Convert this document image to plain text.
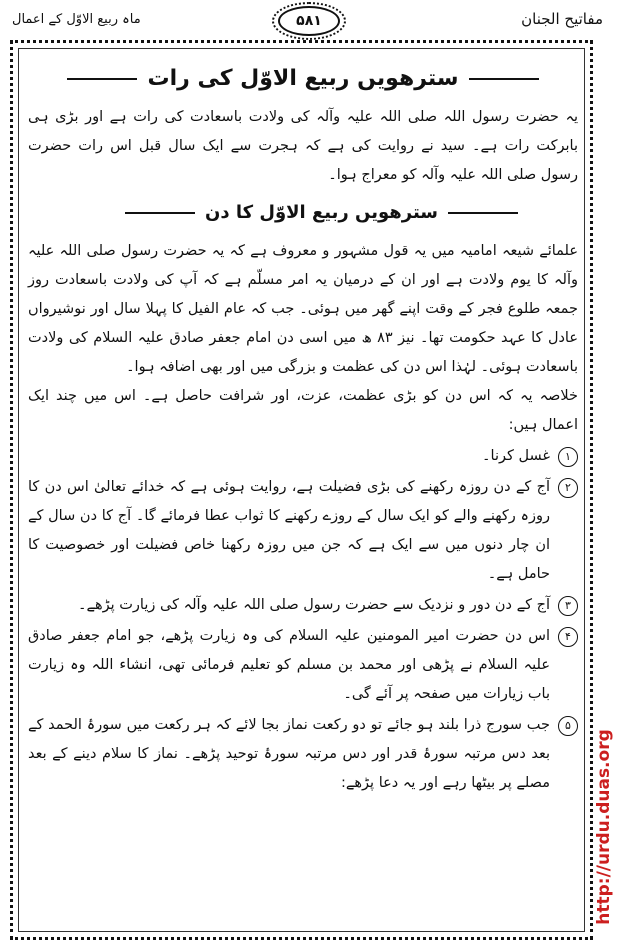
ماہ ربیع الاوّل کے اعمال	۵۸۱	مفاتیح الجنان
سترھویں ربیع الاوّل کی رات

یہ حضرت رسول اللہ صلی اللہ علیہ وآلہ کی ولادت باسعادت کی رات ہے اور بڑی ہی بابرکت رات ہے۔ سید نے روایت کی ہے کہ ہجرت سے ایک سال قبل اس رات حضرت رسول صلی اللہ علیہ وآلہ کو معراج ہوا۔

سترھویں ربیع الاوّل کا دن

علمائے شیعہ امامیہ میں یہ قول مشہور و معروف ہے کہ یہ حضرت رسول صلی اللہ علیہ وآلہ کا یوم ولادت ہے اور ان کے درمیان یہ امر مسلّم ہے کہ آپ کی ولادت باسعادت روز جمعہ طلوع فجر کے وقت اپنے گھر میں ہوئی۔ جب کہ عام الفیل کا پہلا سال اور نوشیرواں عادل کا عہد حکومت تھا۔ نیز ۸۳ ھ میں اسی دن امام جعفر صادق علیہ السلام کی ولادت باسعادت ہوئی۔ لہٰذا اس دن کی عظمت و بزرگی میں اور بھی اضافہ ہوا۔

خلاصہ یہ کہ اس دن کو بڑی عظمت، عزت، اور شرافت حاصل ہے۔ اس میں چند ایک اعمال ہیں:

۱
غسل کرنا۔
۲
آج کے دن روزہ رکھنے کی بڑی فضیلت ہے، روایت ہوئی ہے کہ خدائے تعالیٰ اس دن کا روزہ رکھنے والے کو ایک سال کے روزے رکھنے کا ثواب عطا فرمائے گا۔ آج کا دن سال کے ان چار دنوں میں سے ایک ہے کہ جن میں روزہ رکھنا خاص فضیلت اور خصوصیت کا حامل ہے۔
۳
آج کے دن دور و نزدیک سے حضرت رسول صلی اللہ علیہ وآلہ کی زیارت پڑھے۔
۴
اس دن حضرت امیر المومنین علیہ السلام کی وہ زیارت پڑھے، جو امام جعفر صادق علیہ السلام نے پڑھی اور محمد بن مسلم کو تعلیم فرمائی تھی، انشاء اللہ وہ زیارت باب زیارات میں صفحہ پر آئے گی۔
۵
جب سورج ذرا بلند ہو جائے تو دو رکعت نماز بجا لائے کہ ہر رکعت میں سورۂ الحمد کے بعد دس مرتبہ سورۂ قدر اور دس مرتبہ سورۂ توحید پڑھے۔ نماز کا سلام دینے کے بعد مصلے پر بیٹھا رہے اور یہ دعا پڑھے:	http://urdu.duas.org
